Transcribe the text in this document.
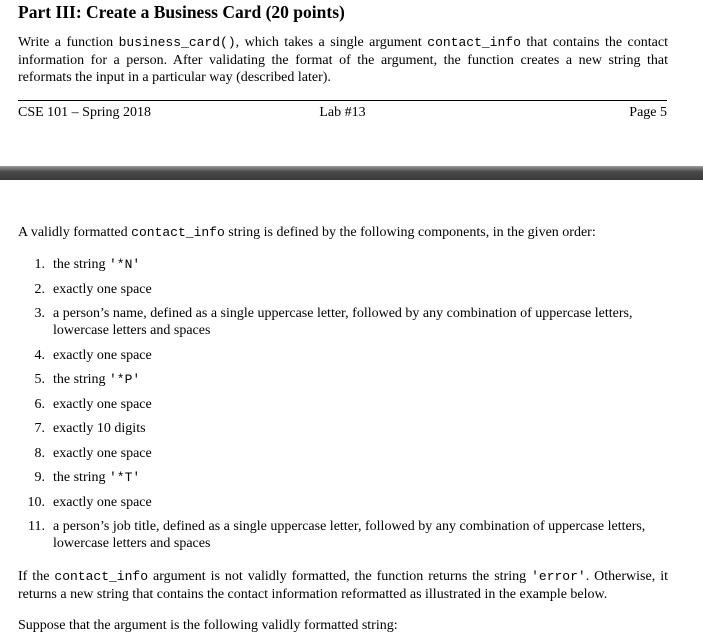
Part III: Create a Business Card (20 points)
Write a function business_card(), which takes a single argument contact_info that contains the contact information for a person. After validating the format of the argument, the function creates a new string that reformats the input in a particular way (described later).
CSE 101 – Spring 2018	Lab #13	Page 5
A validly formatted contact_info string is defined by the following components, in the given order:
1. the string '*N'
2. exactly one space
3. a person’s name, defined as a single uppercase letter, followed by any combination of uppercase letters, lowercase letters and spaces
4. exactly one space
5. the string '*P'
6. exactly one space
7. exactly 10 digits
8. exactly one space
9. the string '*T'
10. exactly one space
11. a person’s job title, defined as a single uppercase letter, followed by any combination of uppercase letters, lowercase letters and spaces
If the contact_info argument is not validly formatted, the function returns the string 'error'. Otherwise, it returns a new string that contains the contact information reformatted as illustrated in the example below.
Suppose that the argument is the following validly formatted string:
